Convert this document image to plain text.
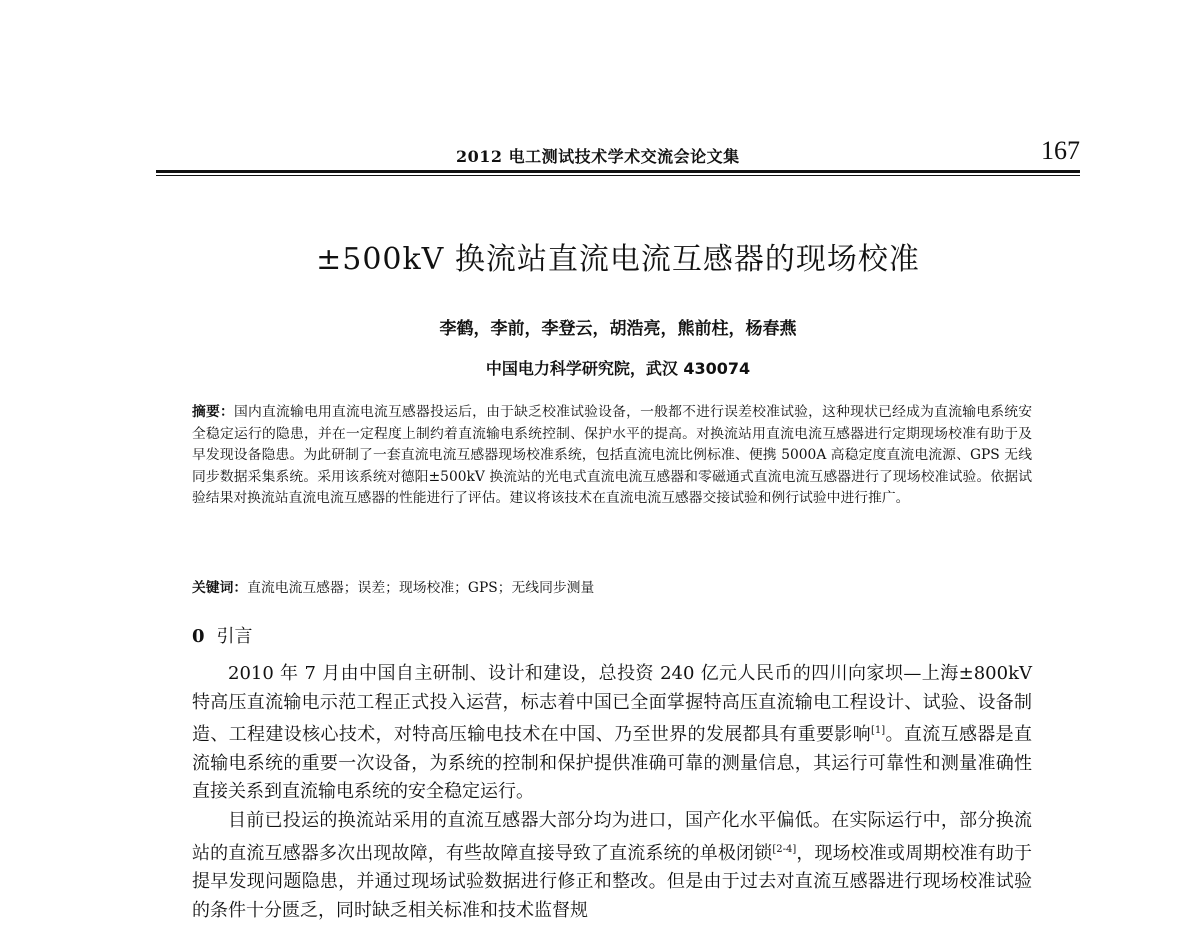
2012 电工测试技术学术交流会论文集	167
±500kV 换流站直流电流互感器的现场校准
李鹤，李前，李登云，胡浩亮，熊前柱，杨春燕
中国电力科学研究院，武汉 430074
摘要：国内直流输电用直流电流互感器投运后，由于缺乏校准试验设备，一般都不进行误差校准试验，这种现状已经成为直流输电系统安全稳定运行的隐患，并在一定程度上制约着直流输电系统控制、保护水平的提高。对换流站用直流电流互感器进行定期现场校准有助于及早发现设备隐患。为此研制了一套直流电流互感器现场校准系统，包括直流电流比例标准、便携 5000A 高稳定度直流电流源、GPS 无线同步数据采集系统。采用该系统对德阳±500kV 换流站的光电式直流电流互感器和零磁通式直流电流互感器进行了现场校准试验。依据试验结果对换流站直流电流互感器的性能进行了评估。建议将该技术在直流电流互感器交接试验和例行试验中进行推广。
关键词：直流电流互感器；误差；现场校准；GPS；无线同步测量
0 引言

2010 年 7 月由中国自主研制、设计和建设，总投资 240 亿元人民币的四川向家坝—上海±800kV 特高压直流输电示范工程正式投入运营，标志着中国已全面掌握特高压直流输电工程设计、试验、设备制造、工程建设核心技术，对特高压输电技术在中国、乃至世界的发展都具有重要影响[1]。直流互感器是直流输电系统的重要一次设备，为系统的控制和保护提供准确可靠的测量信息，其运行可靠性和测量准确性直接关系到直流输电系统的安全稳定运行。

目前已投运的换流站采用的直流互感器大部分均为进口，国产化水平偏低。在实际运行中，部分换流站的直流互感器多次出现故障，有些故障直接导致了直流系统的单极闭锁[2-4]，现场校准或周期校准有助于提早发现问题隐患，并通过现场试验数据进行修正和整改。但是由于过去对直流互感器进行现场校准试验的条件十分匮乏，同时缺乏相关标准和技术监督规
